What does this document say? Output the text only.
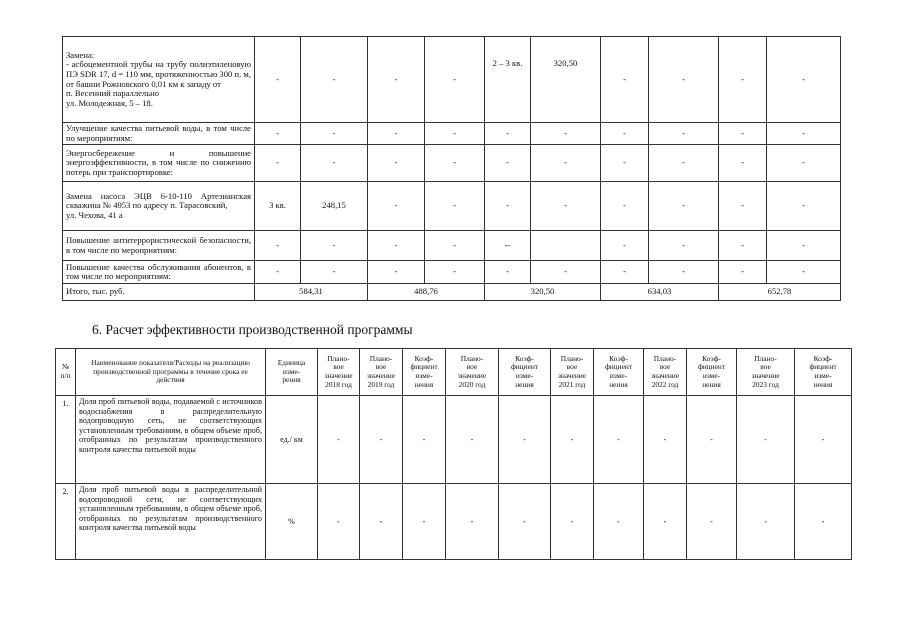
Замена:
- асбоцементной трубы на трубу полиэтиленовую ПЭ SDR 17, d = 110 мм, протяженностью 300 п. м, от башни Рожновского 0,01 км к западу от
п. Весенний параллельно
ул. Молодежная, 5 – 18.	-	-	-	-	2 – 3 кв.	320,50	-	-	-	-
Улучшение качества питьевой воды, в том числе по мероприятиям:	-	-	-	-	-	-	-	-	-	-
Энергосбережение и повышение энергоэффективности, в том числе по снижению потерь при транспортировке:	-	-	-	-	-	-	-	-	-	-
Замена насоса ЭЦВ 6-10-110 Артезианская скважина № 4953 по адресу п. Тарасовский,
ул. Чехова, 41 а	3 кв.	248,15	-	-	-	-	-	-	-	-
Повышение антитеррористической безопасности, в том числе по мероприятиям:	-	-	-	-	--		-	-	-	-
Повышение качества обслуживания абонентов, в том числе по мероприятиям:	-	-	-	-	-	-	-	-	-	-
Итого, тыс. руб.	584,31		488,76		320,50		634,03		652,78	
6. Расчет эффективности производственной программы
№
п/п	Наименование показателя/Расходы на реализацию производственной программы в течение срока ее действия	Единица изме-
рения	Плано-
вое
значение
2018 год	Плано-
вое
значение
2019 год	Коэф-
фициент
изме-
нения	Плано-
вое
значение
2020 год	Коэф-
фициент
изме-
нения	Плано-
вое
значение
2021 год	Коэф-
фициент
изме-
нения	Плано-
вое
значение
2022 год	Коэф-
фициент
изме-
нения	Плано-
вое
значение
2023 год	Коэф-
фициент
изме-
нения
1.	Доля проб питьевой воды, подаваемой с источников водоснабжения в распределительную водопроводную сеть, не соответствующих установленным требованиям, в общем объеме проб, отобранных по результатам производственного контроля качества питьевой воды	ед./ км	-	-	-	-	-	-	-	-	-	-	-
2.	Доля проб питьевой воды в распределительной водопроводной сети, не соответствующих установленным требованиям, в общем объеме проб, отобранных по результатам производственного контроля качества питьевой воды	%	-	-	-	-	-	-	-	-	-	-	-
